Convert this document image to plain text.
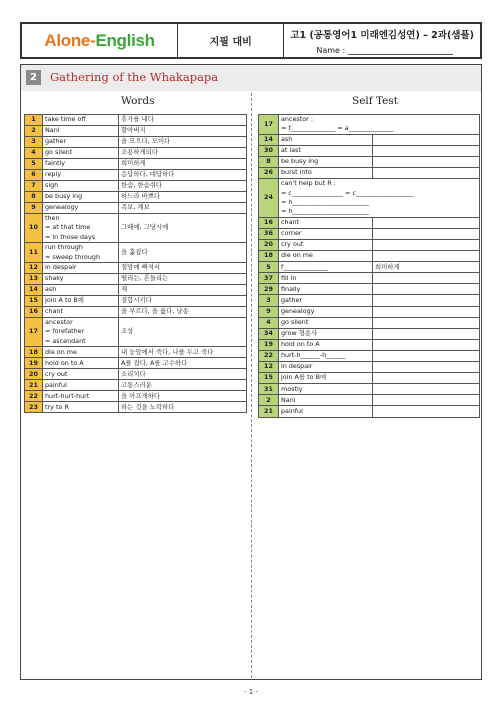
Alone- English	지필 대비
고1 (공통영어1 미래엔김성연) – 2과(샘플)
Name :
2	Gathering of the Whakapapa
Words	Self Test
1	take time off	휴가를 내다
2	Nani	할아버지
3	gather	을 모으다, 모이다
4	go silent	조용하게되다
5	faintly	희미하게
6	reply	응답하다, 대답하다
7	sigh	한숨, 한숨쉬다
8	be busy ing	하느라 바쁘다
9	genealogy	족보, 계보
10	then
= at that time
= in those days	그때에, 그당시에
11	run through
= sweep through	을 훑잡다
12	in despair	절망에 빠져서
13	shaky	떨리는, 흔들리는
14	ash	재
15	join A to B에	결합시키다
16	chant	을 부르다, 을 읊다, 낭송
17	ancestor
= forefather
= ascendant	조상
18	die on me	내 눈앞에서 죽다, 나를 두고 죽다
19	hold on to A	A를 잡다, A를 고수하다
20	cry out	소리치다
21	painful	고통스러운
22	hurt-hurt-hurt	을 아프게하다
23	try to R	하는 것을 노력하다
17	ancestor :
= f______________ = a______________	

14	ash	

30	at last	

8	be busy ing	

26	burst into	

24	can't help but R :
= c________________ = c__________________
= h________________________
= h________________________	

16	chant	

36	corner	

20	cry out	

18	die on me	

5	f______________	희미하게
37	fill in	

29	finally	

3	gather	

9	genealogy	

4	go silent	

34	grow 형용사	

19	hold on to A	

22	hurt-h______-h______	

12	in despair	

15	join A를 to B에	

31	mostly	

2	Nani	

21	painful	

- 1 -
